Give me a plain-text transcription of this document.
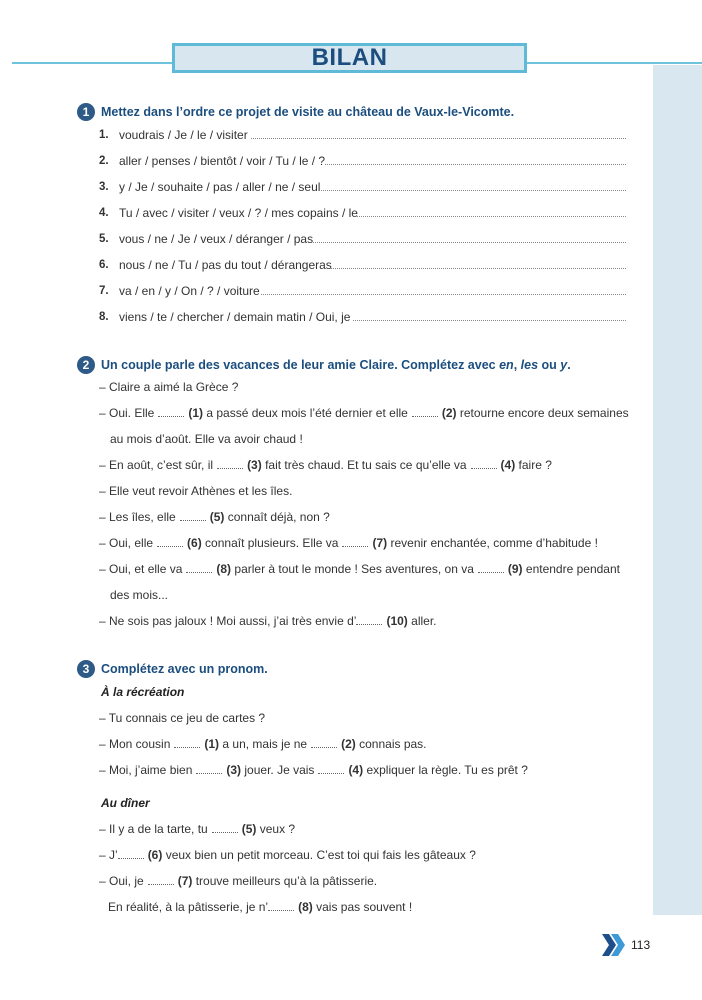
BILAN
1 Mettez dans l’ordre ce projet de visite au château de Vaux-le-Vicomte.
1. voudrais / Je / le / visiter
2. aller / penses / bientôt / voir / Tu / le / ?
3. y / Je / souhaite / pas / aller / ne / seul
4. Tu / avec / visiter / veux / ? / mes copains / le
5. vous / ne / Je / veux / déranger / pas
6. nous / ne / Tu / pas du tout / dérangeras
7. va / en / y / On / ? / voiture
8. viens / te / chercher / demain matin / Oui, je
2 Un couple parle des vacances de leur amie Claire. Complétez avec en, les ou y.
– Claire a aimé la Grèce ?
– Oui. Elle	(1) a passé deux mois l’été dernier et elle	(2) retourne encore deux semaines
au mois d’août. Elle va avoir chaud !
– En août, c’est sûr, il	(3) fait très chaud. Et tu sais ce qu’elle va	(4) faire ?
– Elle veut revoir Athènes et les îles.
– Les îles, elle	(5) connaît déjà, non ?
– Oui, elle	(6) connaît plusieurs. Elle va	(7) revenir enchantée, comme d’habitude !
– Oui, et elle va	(8) parler à tout le monde ! Ses aventures, on va	(9) entendre pendant
des mois...
– Ne sois pas jaloux ! Moi aussi, j’ai très envie d’	(10) aller.
3 Complétez avec un pronom.
À la récréation
– Tu connais ce jeu de cartes ?
– Mon cousin	(1) a un, mais je ne	(2) connais pas.
– Moi, j’aime bien	(3) jouer. Je vais	(4) expliquer la règle. Tu es prêt ?
Au dîner
– Il y a de la tarte, tu	(5) veux ?
– J’	(6) veux bien un petit morceau. C’est toi qui fais les gâteaux ?
– Oui, je	(7) trouve meilleurs qu’à la pâtisserie.
En réalité, à la pâtisserie, je n’	(8) vais pas souvent !
113
